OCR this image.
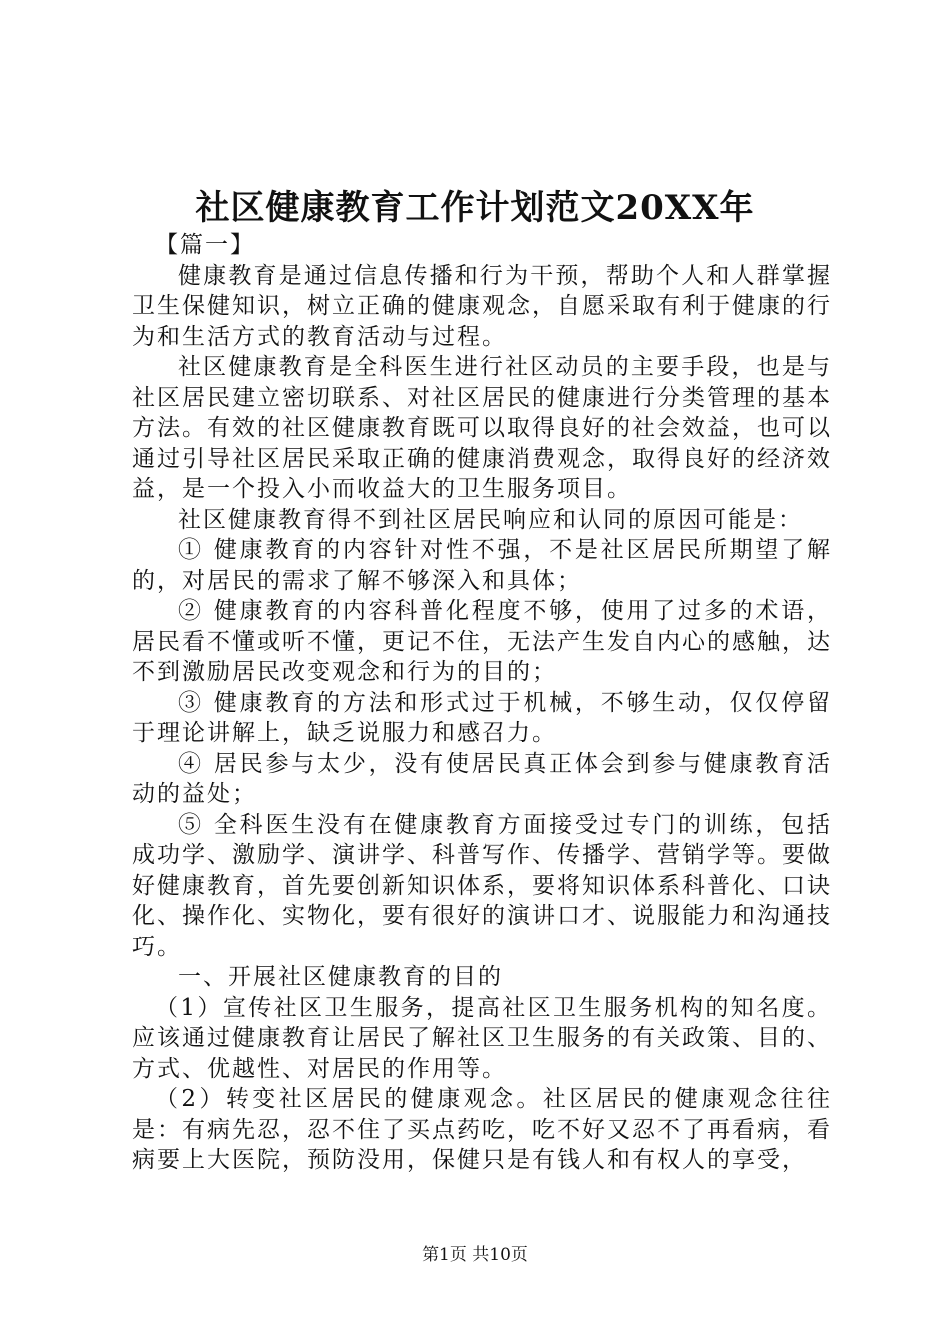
社区健康教育工作计划范文20XX年

【篇一】

健康教育是通过信息传播和行为干预，帮助个人和人群掌握卫生保健知识，树立正确的健康观念，自愿采取有利于健康的行为和生活方式的教育活动与过程。

社区健康教育是全科医生进行社区动员的主要手段，也是与社区居民建立密切联系、对社区居民的健康进行分类管理的基本方法。有效的社区健康教育既可以取得良好的社会效益，也可以通过引导社区居民采取正确的健康消费观念，取得良好的经济效益，是一个投入小而收益大的卫生服务项目。

社区健康教育得不到社区居民响应和认同的原因可能是：

① 健康教育的内容针对性不强，不是社区居民所期望了解的，对居民的需求了解不够深入和具体；

② 健康教育的内容科普化程度不够，使用了过多的术语，居民看不懂或听不懂，更记不住，无法产生发自内心的感触，达不到激励居民改变观念和行为的目的；

③ 健康教育的方法和形式过于机械，不够生动，仅仅停留于理论讲解上，缺乏说服力和感召力。

④ 居民参与太少，没有使居民真正体会到参与健康教育活动的益处；

⑤ 全科医生没有在健康教育方面接受过专门的训练，包括成功学、激励学、演讲学、科普写作、传播学、营销学等。要做好健康教育，首先要创新知识体系，要将知识体系科普化、口诀化、操作化、实物化，要有很好的演讲口才、说服能力和沟通技巧。

一、开展社区健康教育的目的

（1）宣传社区卫生服务，提高社区卫生服务机构的知名度。应该通过健康教育让居民了解社区卫生服务的有关政策、目的、方式、优越性、对居民的作用等。

（2）转变社区居民的健康观念。社区居民的健康观念往往是：有病先忍，忍不住了买点药吃，吃不好又忍不了再看病，看病要上大医院，预防没用，保健只是有钱人和有权人的享受，

第1页 共10页
